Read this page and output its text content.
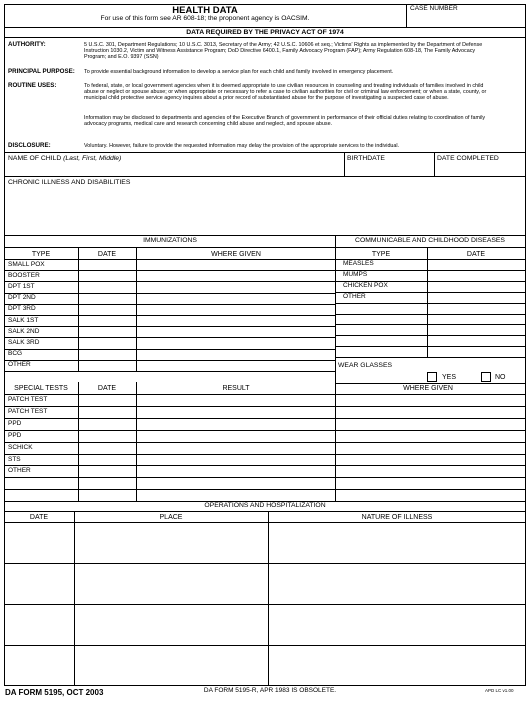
HEALTH DATA
For use of this form see AR 608-18; the proponent agency is OACSIM.
CASE NUMBER
DATA REQUIRED BY THE PRIVACY ACT OF 1974
AUTHORITY:	5 U.S.C. 301, Department Regulations; 10 U.S.C. 3013, Secretary of the Army; 42 U.S.C. 10606 et seq.; Victims' Rights as implemented by the Department of Defense Instruction 1030.2, Victim and Witness Assistance Program; DoD Directive 6400.1, Family Advocacy Program (FAP); Army Regulation 608-18, The Family Advocacy Program; and E.O. 9397 (SSN)
PRINCIPAL PURPOSE: To provide essential background information to develop a service plan for each child and family involved in emergency placement.
ROUTINE USES:	To federal, state, or local government agencies when it is deemed appropriate to use civilian resources in counseling and treating individuals of families involved in child abuse or neglect or spouse abuse; or when appropriate or necessary to refer a case to civilian authorities for civil or criminal law enforcement; or when a state, county, or municipal child protective service agency inquires about a prior record of substantiated abuse for the purpose of investigating a suspected case of abuse.
Information may be disclosed to departments and agencies of the Executive Branch of government in performance of their official duties relating to coordination of family advocacy programs, medical care and research concerning child abuse and neglect, and spouse abuse.
DISCLOSURE:	Voluntary. However, failure to provide the requested information may delay the provision of the appropriate services to the individual.
NAME OF CHILD (Last, First, Middle)	BIRTHDATE	DATE COMPLETED
CHRONIC ILLNESS AND DISABILITIES
IMMUNIZATIONS	COMMUNICABLE AND CHILDHOOD DISEASES
TYPE	DATE	WHERE GIVEN	TYPE	DATE
SMALL POX
BOOSTER
DPT 1ST
DPT 2ND
DPT 3RD
SALK 1ST
SALK 2ND
SALK 3RD
BCG
OTHER
MEASLES
MUMPS
CHICKEN POX
OTHER
WEAR GLASSES
YES	NO
SPECIAL TESTS	DATE	RESULT	WHERE GIVEN
PATCH TEST
PATCH TEST
PPD
PPD
SCHICK
STS
OTHER
OPERATIONS AND HOSPITALIZATION
DATE	PLACE	NATURE OF ILLNESS
DA FORM 5195, OCT 2003	DA FORM 5195-R, APR 1983 IS OBSOLETE.	APD LC v1.00
